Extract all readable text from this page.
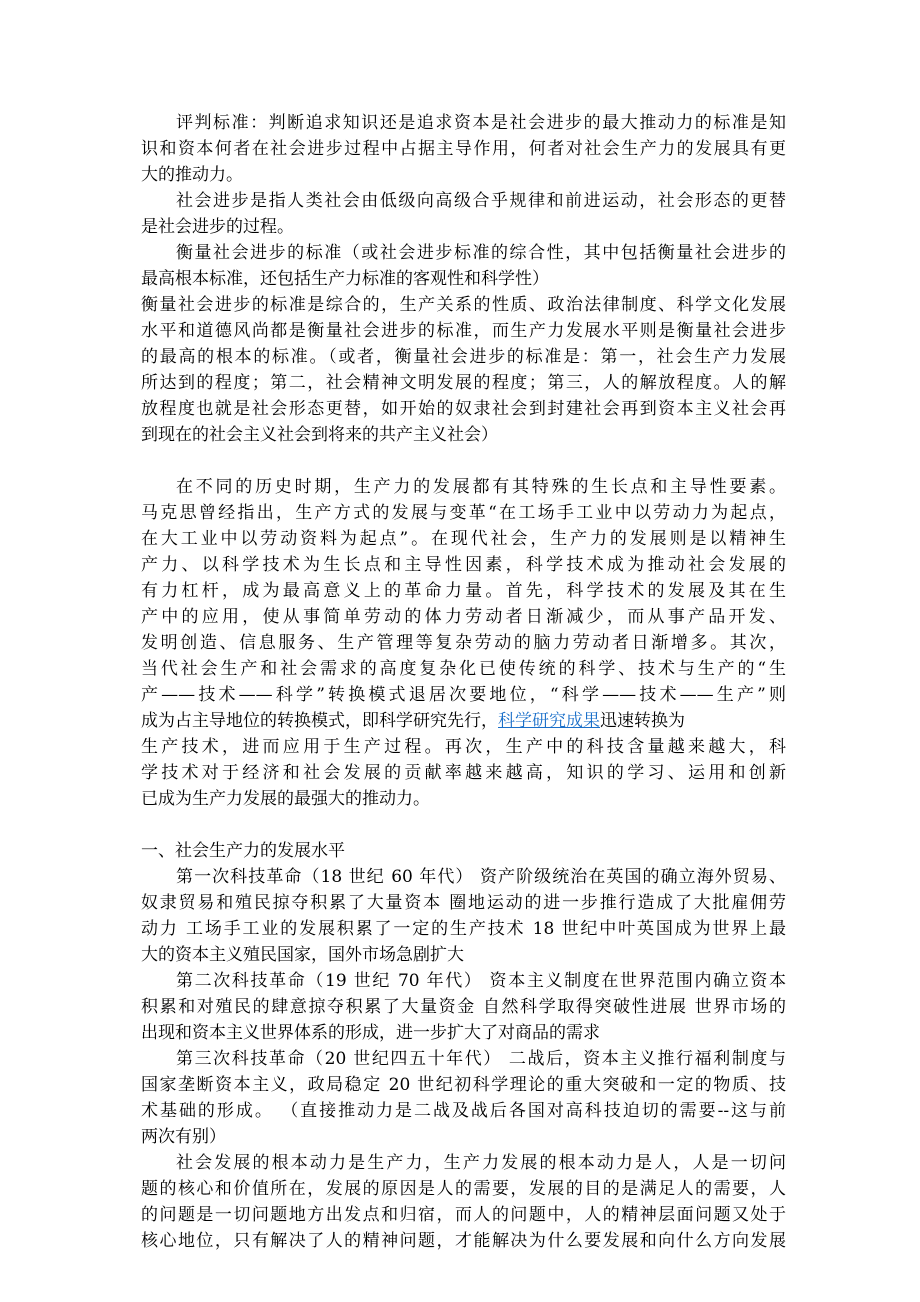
评判标准：判断追求知识还是追求资本是社会进步的最大推动力的标准是知
识和资本何者在社会进步过程中占据主导作用，何者对社会生产力的发展具有更
大的推动力。
社会进步是指人类社会由低级向高级合乎规律和前进运动，社会形态的更替
是社会进步的过程。
衡量社会进步的标准（或社会进步标准的综合性，其中包括衡量社会进步的
最高根本标准，还包括生产力标准的客观性和科学性）
衡量社会进步的标准是综合的，生产关系的性质、政治法律制度、科学文化发展
水平和道德风尚都是衡量社会进步的标准，而生产力发展水平则是衡量社会进步
的最高的根本的标准。（或者，衡量社会进步的标准是：第一，社会生产力发展
所达到的程度；第二，社会精神文明发展的程度；第三，人的解放程度。人的解
放程度也就是社会形态更替，如开始的奴隶社会到封建社会再到资本主义社会再
到现在的社会主义社会到将来的共产主义社会）
在不同的历史时期，生产力的发展都有其特殊的生长点和主导性要素。
马克思曾经指出，生产方式的发展与变革“在工场手工业中以劳动力为起点，
在大工业中以劳动资料为起点”。在现代社会，生产力的发展则是以精神生
产力、以科学技术为生长点和主导性因素，科学技术成为推动社会发展的
有力杠杆，成为最高意义上的革命力量。首先，科学技术的发展及其在生
产中的应用，使从事简单劳动的体力劳动者日渐减少，而从事产品开发、
发明创造、信息服务、生产管理等复杂劳动的脑力劳动者日渐增多。其次，
当代社会生产和社会需求的高度复杂化已使传统的科学、技术与生产的“生
产——技术——科学”转换模式退居次要地位，“科学——技术——生产”则
成为占主导地位的转换模式，即科学研究先行，科学研究成果迅速转换为
生产技术，进而应用于生产过程。再次，生产中的科技含量越来越大，科
学技术对于经济和社会发展的贡献率越来越高，知识的学习、运用和创新
已成为生产力发展的最强大的推动力。
一、社会生产力的发展水平
第一次科技革命（18 世纪 60 年代） 资产阶级统治在英国的确立海外贸易、
奴隶贸易和殖民掠夺积累了大量资本 圈地运动的进一步推行造成了大批雇佣劳
动力 工场手工业的发展积累了一定的生产技术 18 世纪中叶英国成为世界上最
大的资本主义殖民国家，国外市场急剧扩大
第二次科技革命（19 世纪 70 年代） 资本主义制度在世界范围内确立资本
积累和对殖民的肆意掠夺积累了大量资金 自然科学取得突破性进展 世界市场的
出现和资本主义世界体系的形成，进一步扩大了对商品的需求
第三次科技革命（20 世纪四五十年代） 二战后，资本主义推行福利制度与
国家垄断资本主义，政局稳定 20 世纪初科学理论的重大突破和一定的物质、技
术基础的形成。 （直接推动力是二战及战后各国对高科技迫切的需要--这与前
两次有别）
社会发展的根本动力是生产力，生产力发展的根本动力是人，人是一切问
题的核心和价值所在，发展的原因是人的需要，发展的目的是满足人的需要，人
的问题是一切问题地方出发点和归宿，而人的问题中，人的精神层面问题又处于
核心地位，只有解决了人的精神问题，才能解决为什么要发展和向什么方向发展
